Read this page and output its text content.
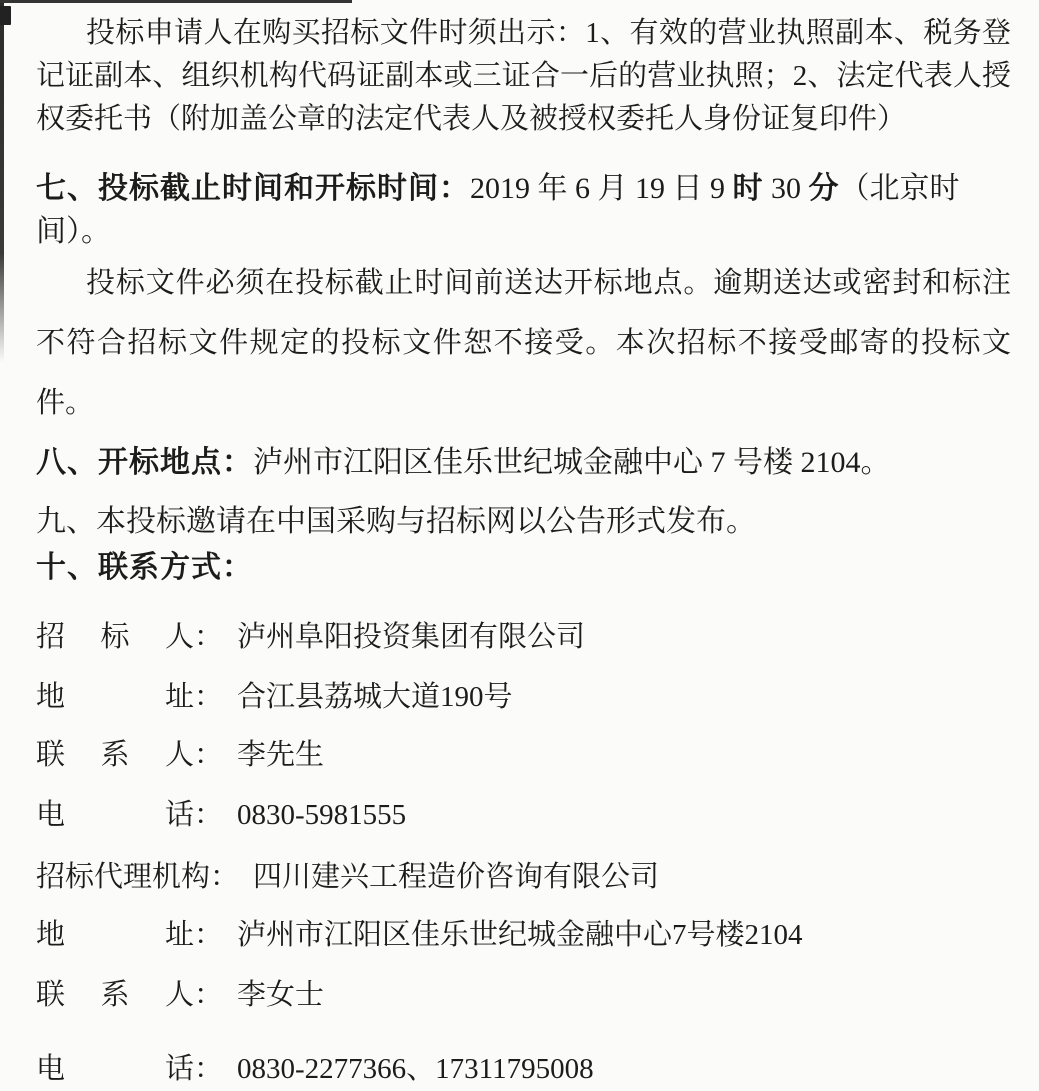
投标申请人在购买招标文件时须出示：1、有效的营业执照副本、税务登记证副本、组织机构代码证副本或三证合一后的营业执照；2、法定代表人授权委托书（附加盖公章的法定代表人及被授权委托人身份证复印件）

七、投标截止时间和开标时间：2019 年 6 月 19 日 9 时 30 分（北京时间）。

投标文件必须在投标截止时间前送达开标地点。逾期送达或密封和标注不符合招标文件规定的投标文件恕不接受。本次招标不接受邮寄的投标文件。

八、开标地点：泸州市江阳区佳乐世纪城金融中心 7 号楼 2104。
九、本投标邀请在中国采购与招标网以公告形式发布。
十、联系方式：
招标人： 泸州阜阳投资集团有限公司
地址： 合江县荔城大道190号
联系人： 李先生
电话： 0830-5981555
招标代理机构： 四川建兴工程造价咨询有限公司
地址： 泸州市江阳区佳乐世纪城金融中心7号楼2104
联系人： 李女士
电话： 0830-2277366、17311795008
